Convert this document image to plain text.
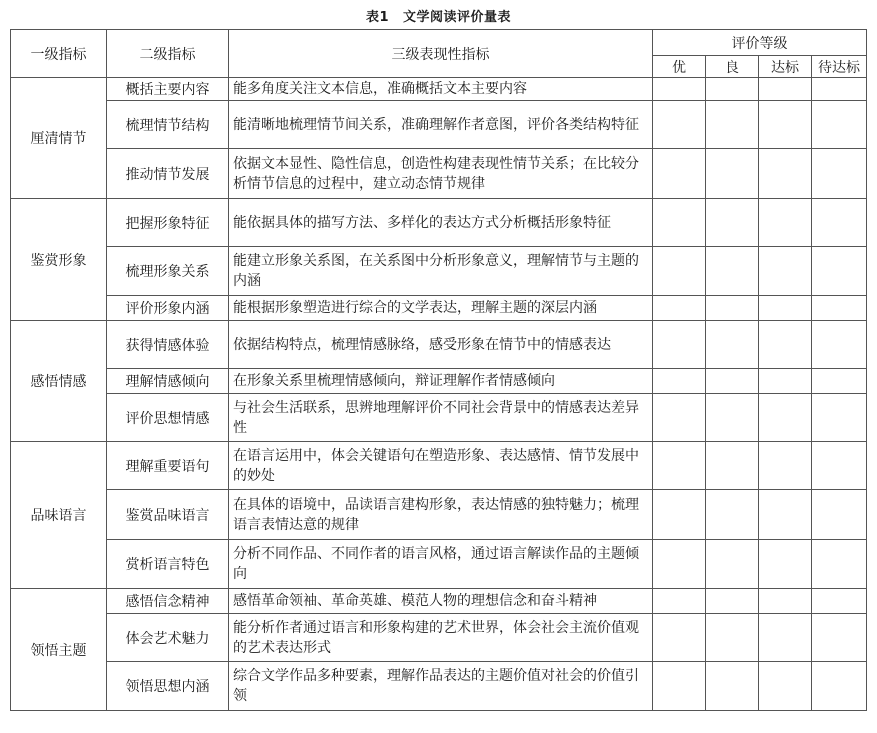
表1 文学阅读评价量表
一级指标	二级指标	三级表现性指标	评价等级			
			优	良	达标	待达标
厘清情节	概括主要内容	能多角度关注文本信息，准确概括文本主要内容				
	梳理情节结构	能清晰地梳理情节间关系，准确理解作者意图，评价各类结构特征				
	推动情节发展	依据文本显性、隐性信息，创造性构建表现性情节关系；在比较分析情节信息的过程中，建立动态情节规律				
鉴赏形象	把握形象特征	能依据具体的描写方法、多样化的表达方式分析概括形象特征				
	梳理形象关系	能建立形象关系图，在关系图中分析形象意义，理解情节与主题的内涵				
	评价形象内涵	能根据形象塑造进行综合的文学表达，理解主题的深层内涵				
感悟情感	获得情感体验	依据结构特点，梳理情感脉络，感受形象在情节中的情感表达				
	理解情感倾向	在形象关系里梳理情感倾向，辩证理解作者情感倾向				
	评价思想情感	与社会生活联系，思辨地理解评价不同社会背景中的情感表达差异性				
品味语言	理解重要语句	在语言运用中，体会关键语句在塑造形象、表达感情、情节发展中的妙处				
	鉴赏品味语言	在具体的语境中，品读语言建构形象，表达情感的独特魅力；梳理语言表情达意的规律				
	赏析语言特色	分析不同作品、不同作者的语言风格，通过语言解读作品的主题倾向				
领悟主题	感悟信念精神	感悟革命领袖、革命英雄、模范人物的理想信念和奋斗精神				
	体会艺术魅力	能分析作者通过语言和形象构建的艺术世界，体会社会主流价值观的艺术表达形式				
	领悟思想内涵	综合文学作品多种要素，理解作品表达的主题价值对社会的价值引领				
